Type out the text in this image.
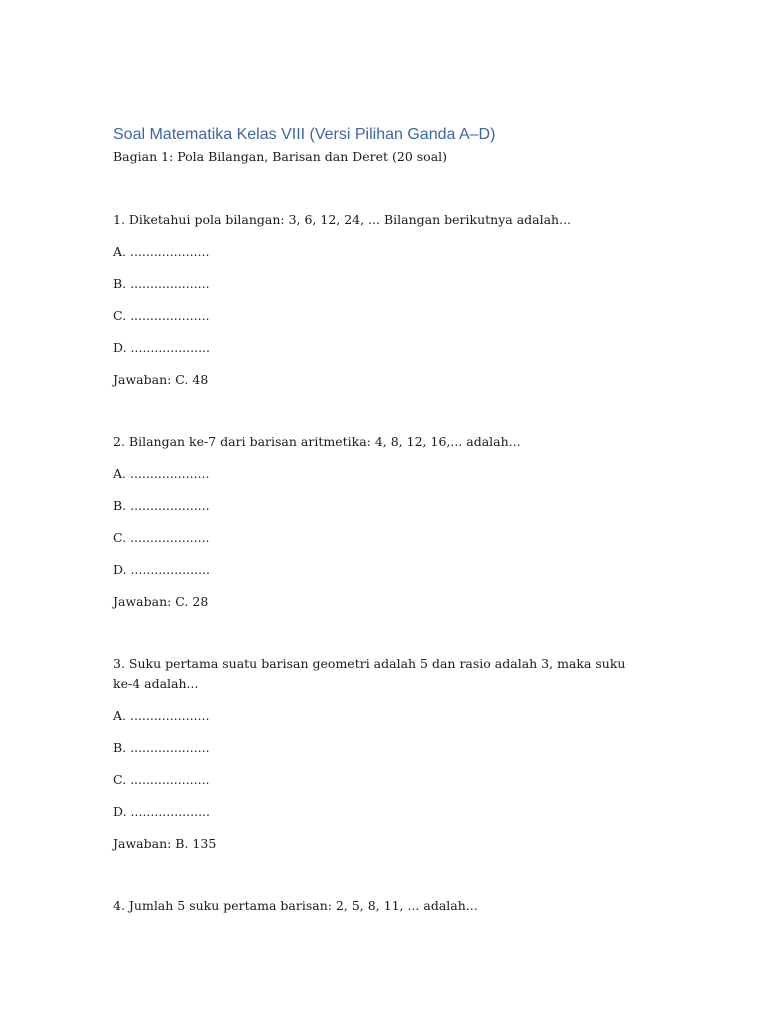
Soal Matematika Kelas VIII (Versi Pilihan Ganda A–D)

Bagian 1: Pola Bilangan, Barisan dan Deret (20 soal)

1. Diketahui pola bilangan: 3, 6, 12, 24, ... Bilangan berikutnya adalah...

A. ....................

B. ....................

C. ....................

D. ....................

Jawaban: C. 48

2. Bilangan ke-7 dari barisan aritmetika: 4, 8, 12, 16,... adalah...

A. ....................

B. ....................

C. ....................

D. ....................

Jawaban: C. 28

3. Suku pertama suatu barisan geometri adalah 5 dan rasio adalah 3, maka suku ke-4 adalah...

A. ....................

B. ....................

C. ....................

D. ....................

Jawaban: B. 135

4. Jumlah 5 suku pertama barisan: 2, 5, 8, 11, ... adalah...
